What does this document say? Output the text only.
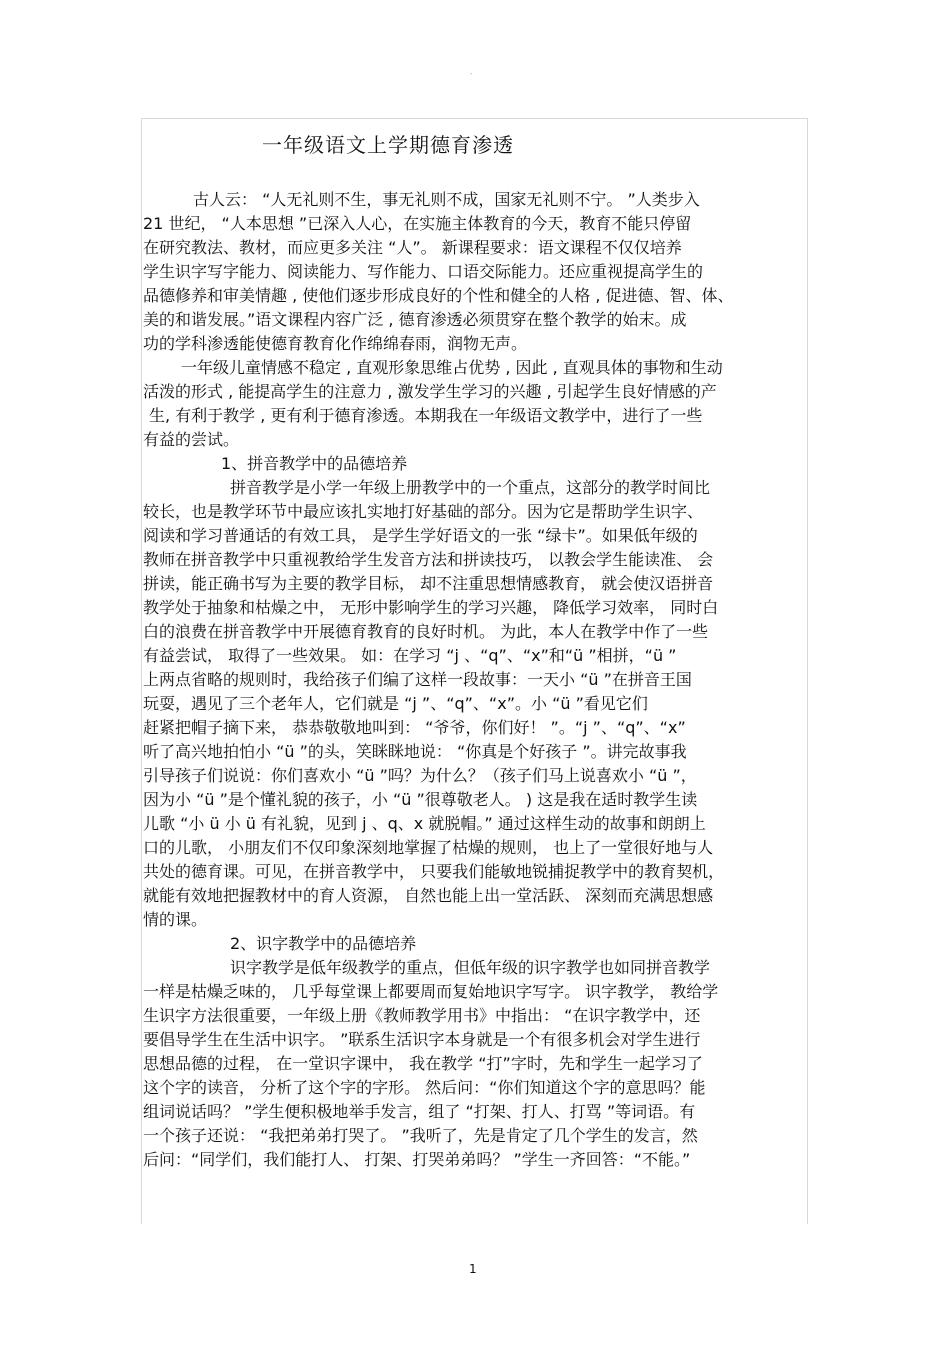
-
一年级语文上学期德育渗透
古人云： “人无礼则不生，事无礼则不成，国家无礼则不宁。 ”人类步入
21 世纪， “人本思想 ”已深入人心，在实施主体教育的今天，教育不能只停留
在研究教法、教材，而应更多关注 “人”。 新课程要求：语文课程不仅仅培养
学生识字写字能力、阅读能力、写作能力、口语交际能力。还应重视提高学生的
品德修养和审美情趣 , 使他们逐步形成良好的个性和健全的人格 , 促进德、智、体、
美的和谐发展。”语文课程内容广泛 , 德育渗透必须贯穿在整个教学的始末。成
功的学科渗透能使德育教育化作绵绵春雨，润物无声。
一年级儿童情感不稳定 , 直观形象思维占优势 , 因此 , 直观具体的事物和生动
活泼的形式 , 能提高学生的注意力 , 激发学生学习的兴趣 , 引起学生良好情感的产
生, 有利于教学 , 更有利于德育渗透。本期我在一年级语文教学中，进行了一些
有益的尝试。
1、拼音教学中的品德培养
拼音教学是小学一年级上册教学中的一个重点，这部分的教学时间比
较长，也是教学环节中最应该扎实地打好基础的部分。因为它是帮助学生识字、
阅读和学习普通话的有效工具， 是学生学好语文的一张 “绿卡”。如果低年级的
教师在拼音教学中只重视教给学生发音方法和拼读技巧， 以教会学生能读准、 会
拼读，能正确书写为主要的教学目标， 却不注重思想情感教育， 就会使汉语拼音
教学处于抽象和枯燥之中， 无形中影响学生的学习兴趣， 降低学习效率， 同时白
白的浪费在拼音教学中开展德育教育的良好时机。 为此，本人在教学中作了一些
有益尝试， 取得了一些效果。 如：在学习 “j 、“q”、“x”和“ü ”相拼，“ü ”
上两点省略的规则时，我给孩子们编了这样一段故事：一天小 “ü ”在拼音王国
玩耍，遇见了三个老年人，它们就是 “j ”、“q”、“x”。小 “ü ”看见它们
赶紧把帽子摘下来， 恭恭敬敬地叫到： “爷爷，你们好！ ”。“j ”、“q”、“x”
听了高兴地拍怕小 “ü ”的头，笑眯眯地说： “你真是个好孩子 ”。讲完故事我
引导孩子们说说：你们喜欢小 “ü ”吗？为什么？（孩子们马上说喜欢小 “ü ”，
因为小 “ü ”是个懂礼貌的孩子，小 “ü ”很尊敬老人。 ) 这是我在适时教学生读
儿歌 “小 ü 小 ü 有礼貌，见到 j 、q、x 就脱帽。” 通过这样生动的故事和朗朗上
口的儿歌， 小朋友们不仅印象深刻地掌握了枯燥的规则， 也上了一堂很好地与人
共处的德育课。可见，在拼音教学中， 只要我们能敏地锐捕捉教学中的教育契机，
就能有效地把握教材中的育人资源， 自然也能上出一堂活跃、 深刻而充满思想感
情的课。
2、识字教学中的品德培养
识字教学是低年级教学的重点，但低年级的识字教学也如同拼音教学
一样是枯燥乏味的， 几乎每堂课上都要周而复始地识字写字。 识字教学， 教给学
生识字方法很重要，一年级上册《教师教学用书》中指出： “在识字教学中，还
要倡导学生在生活中识字。 ”联系生活识字本身就是一个有很多机会对学生进行
思想品德的过程， 在一堂识字课中， 我在教学 “打”字时，先和学生一起学习了
这个字的读音， 分析了这个字的字形。 然后问：“你们知道这个字的意思吗？能
组词说话吗？ ”学生便积极地举手发言，组了 “打架、打人、打骂 ”等词语。有
一个孩子还说： “我把弟弟打哭了。 ”我听了，先是肯定了几个学生的发言，然
后问：“同学们，我们能打人、 打架、打哭弟弟吗？ ”学生一齐回答：“不能。”
1
